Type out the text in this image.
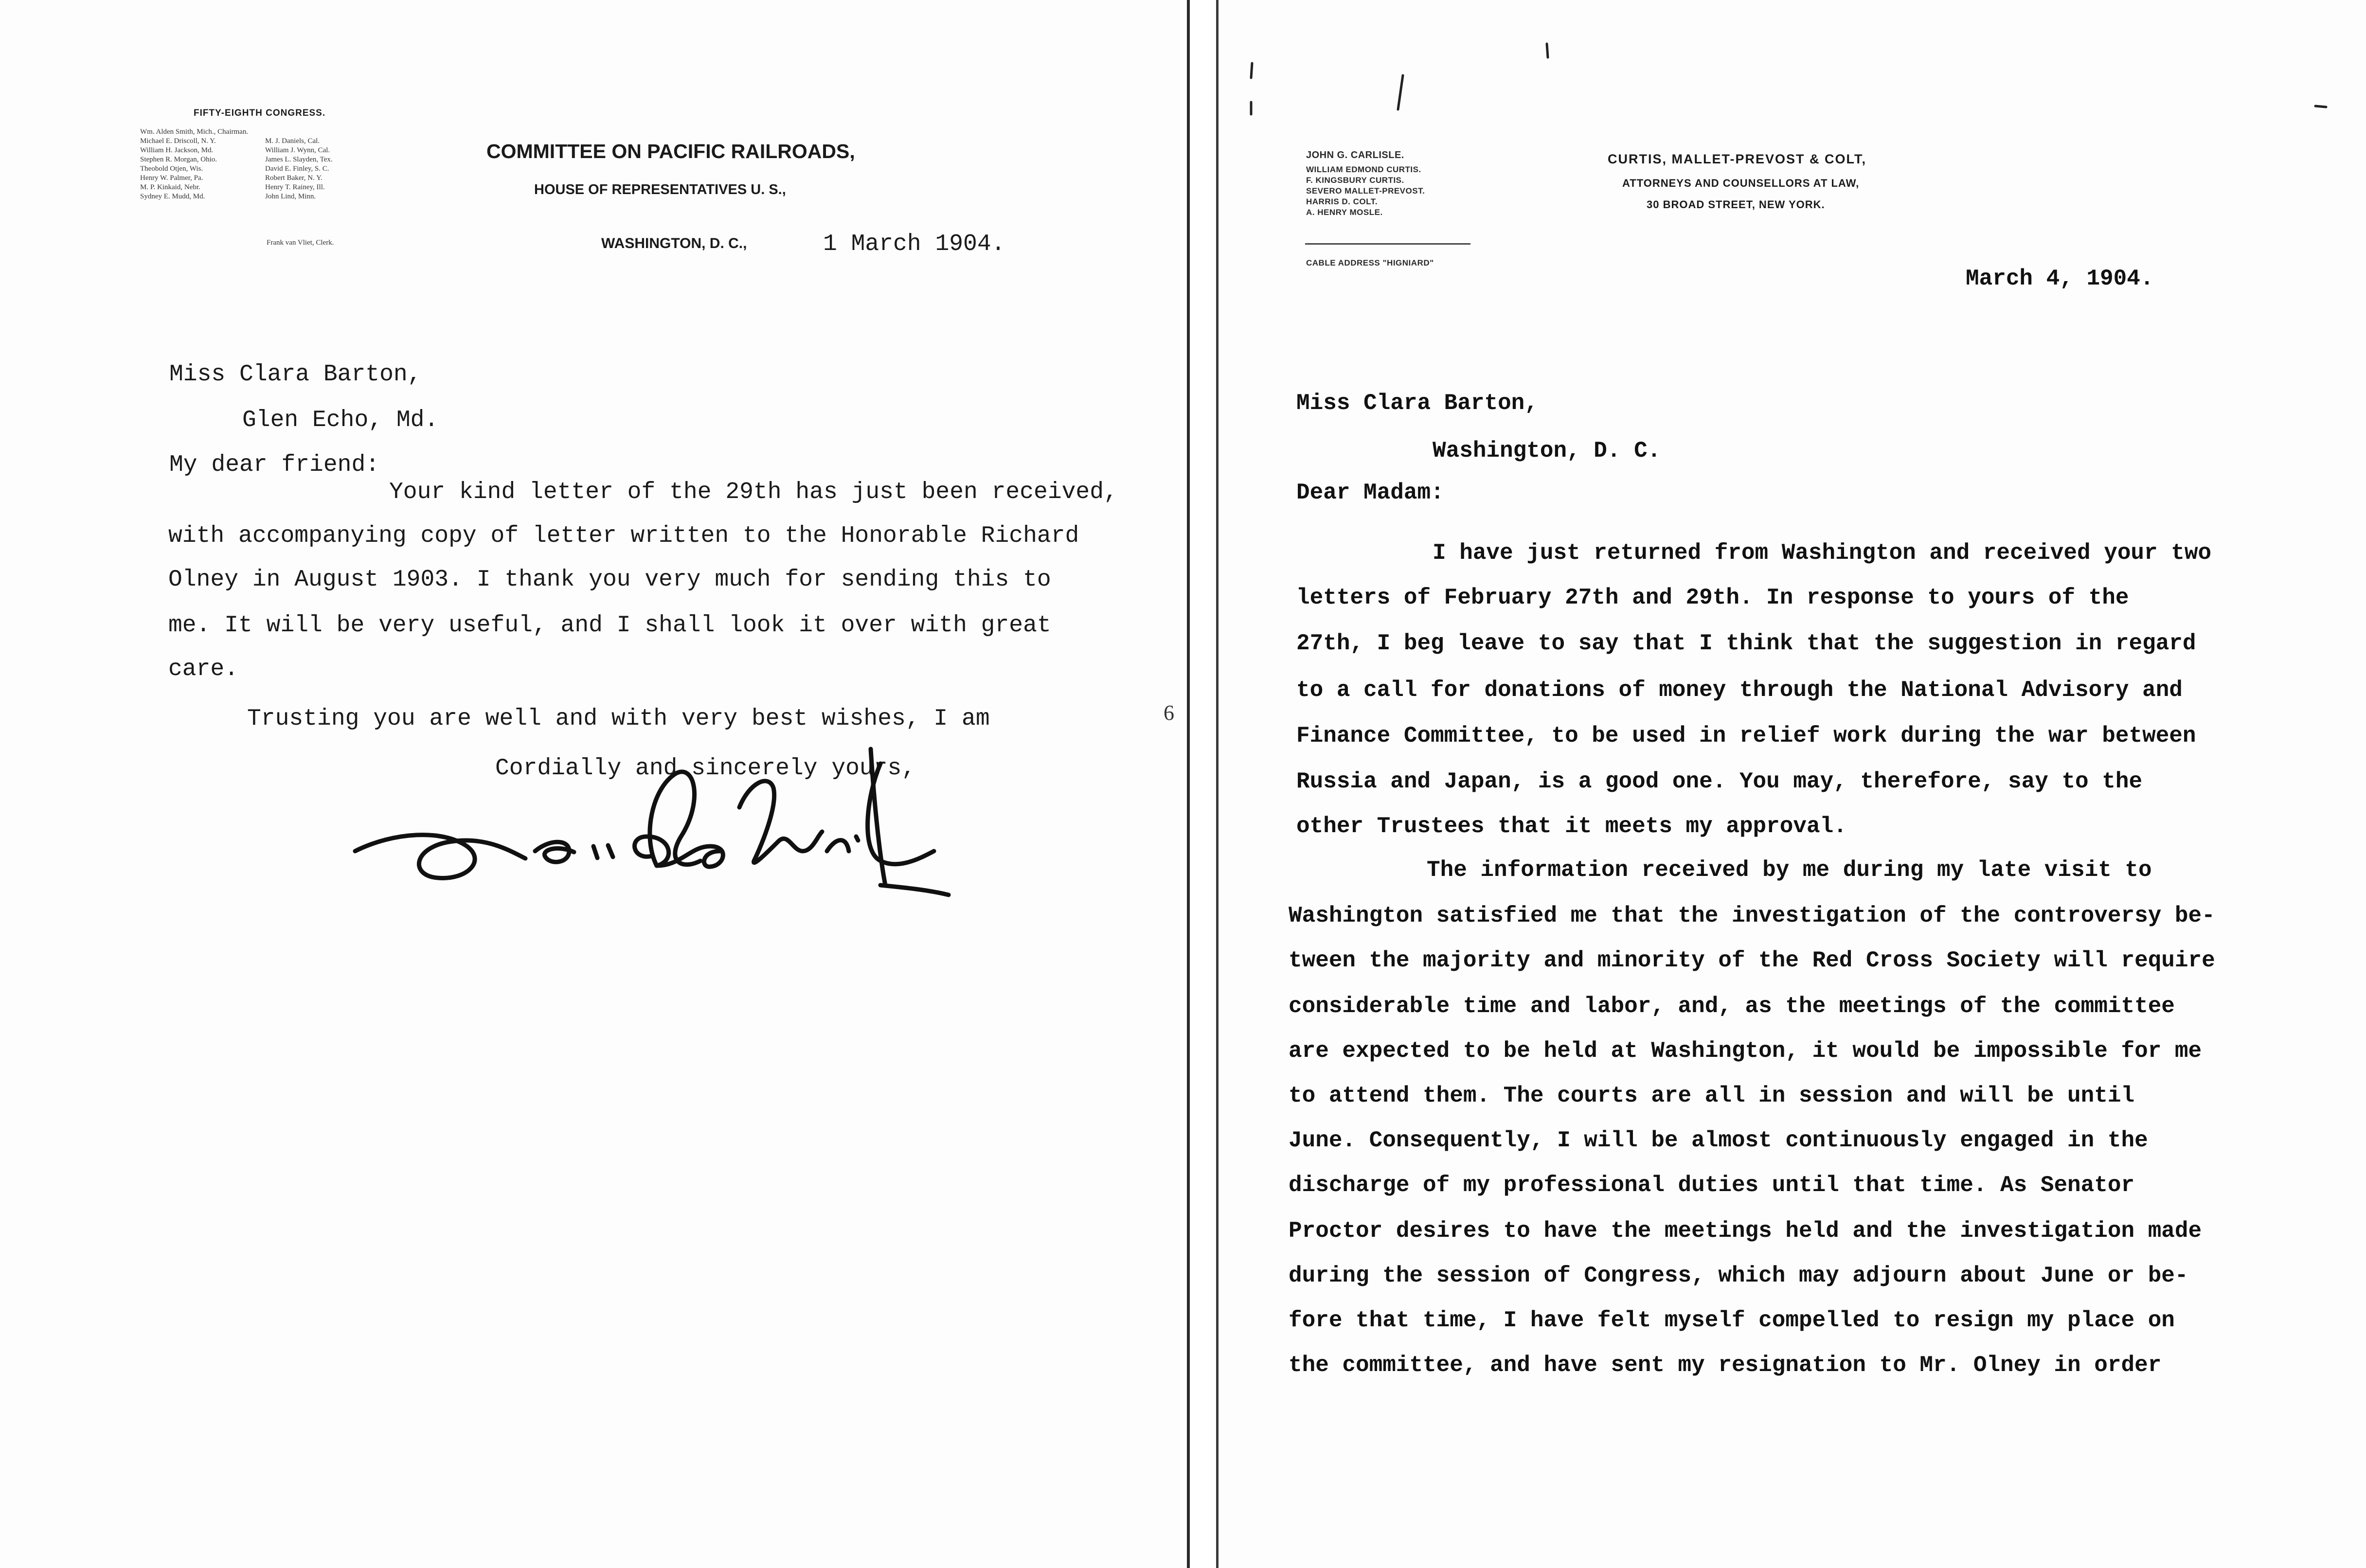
FIFTY-EIGHTH CONGRESS.
Wm. Alden Smith, Mich., Chairman.
Michael E. Driscoll, N. Y.
William H. Jackson, Md.
Stephen R. Morgan, Ohio.
Theobold Otjen, Wis.
Henry W. Palmer, Pa.
M. P. Kinkaid, Nebr.
Sydney E. Mudd, Md.
M. J. Daniels, Cal.
William J. Wynn, Cal.
James L. Slayden, Tex.
David E. Finley, S. C.
Robert Baker, N. Y.
Henry T. Rainey, Ill.
John Lind, Minn.
Frank van Vliet, Clerk.
COMMITTEE ON PACIFIC RAILROADS,
HOUSE OF REPRESENTATIVES U. S.,
WASHINGTON, D. C.,	1 March 1904.
Miss Clara Barton,
Glen Echo, Md.
My dear friend:
Your kind letter of the 29th has just been received,
with accompanying copy of letter written to the Honorable Richard
Olney in August 1903. I thank you very much for sending this to
me. It will be very useful, and I shall look it over with great
care.
Trusting you are well and with very best wishes, I am
Cordially and sincerely yours,
JOHN G. CARLISLE.
WILLIAM EDMOND CURTIS.
F. KINGSBURY CURTIS.
SEVERO MALLET-PREVOST.
HARRIS D. COLT.
A. HENRY MOSLE.
CABLE ADDRESS "HIGNIARD"
CURTIS, MALLET-PREVOST & COLT,
ATTORNEYS AND COUNSELLORS AT LAW,
30 BROAD STREET, NEW YORK.
March 4, 1904.
Miss Clara Barton,
Washington, D. C.
Dear Madam:
I have just returned from Washington and received your two
letters of February 27th and 29th. In response to yours of the
27th, I beg leave to say that I think that the suggestion in regard
to a call for donations of money through the National Advisory and
Finance Committee, to be used in relief work during the war between
Russia and Japan, is a good one. You may, therefore, say to the
other Trustees that it meets my approval.
The information received by me during my late visit to
Washington satisfied me that the investigation of the controversy be-
tween the majority and minority of the Red Cross Society will require
considerable time and labor, and, as the meetings of the committee
are expected to be held at Washington, it would be impossible for me
to attend them. The courts are all in session and will be until
June. Consequently, I will be almost continuously engaged in the
discharge of my professional duties until that time. As Senator
Proctor desires to have the meetings held and the investigation made
during the session of Congress, which may adjourn about June or be-
fore that time, I have felt myself compelled to resign my place on
the committee, and have sent my resignation to Mr. Olney in order
6
